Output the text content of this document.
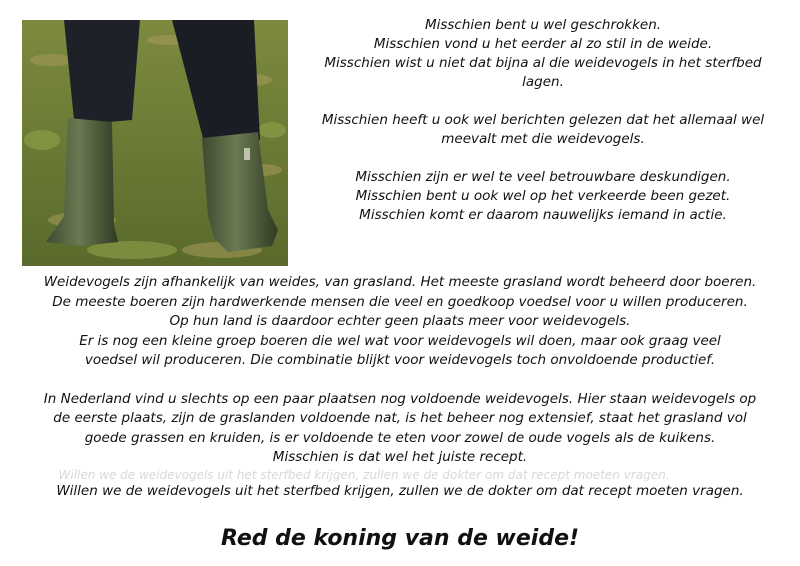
Misschien bent u wel geschrokken.

Misschien vond u het eerder al zo stil in de weide.

Misschien wist u niet dat bijna al die weidevogels in het sterfbed

lagen.

Misschien heeft u ook wel berichten gelezen dat het allemaal wel

meevalt met die weidevogels.

Misschien zijn er wel te veel betrouwbare deskundigen.

Misschien bent u ook wel op het verkeerde been gezet.

Misschien komt er daarom nauwelijks iemand in actie.

Weidevogels zijn afhankelijk van weides, van grasland. Het meeste grasland wordt beheerd door boeren.

De meeste boeren zijn hardwerkende mensen die veel en goedkoop voedsel voor u willen produceren.

Op hun land is daardoor echter geen plaats meer voor weidevogels.

Er is nog een kleine groep boeren die wel wat voor weidevogels wil doen, maar ook graag veel

voedsel wil produceren. Die combinatie blijkt voor weidevogels toch onvoldoende productief.

In Nederland vind u slechts op een paar plaatsen nog voldoende weidevogels. Hier staan weidevogels op

de eerste plaats, zijn de graslanden voldoende nat, is het beheer nog extensief, staat het grasland vol

goede grassen en kruiden, is er voldoende te eten voor zowel de oude vogels als de kuikens.

Misschien is dat wel het juiste recept.

Willen we de weidevogels uit het sterfbed krijgen, zullen we de dokter om dat recept moeten vragen.

Willen we de weidevogels uit het sterfbed krijgen, zullen we de dokter om dat recept moeten vragen.

Red de koning van de weide!
